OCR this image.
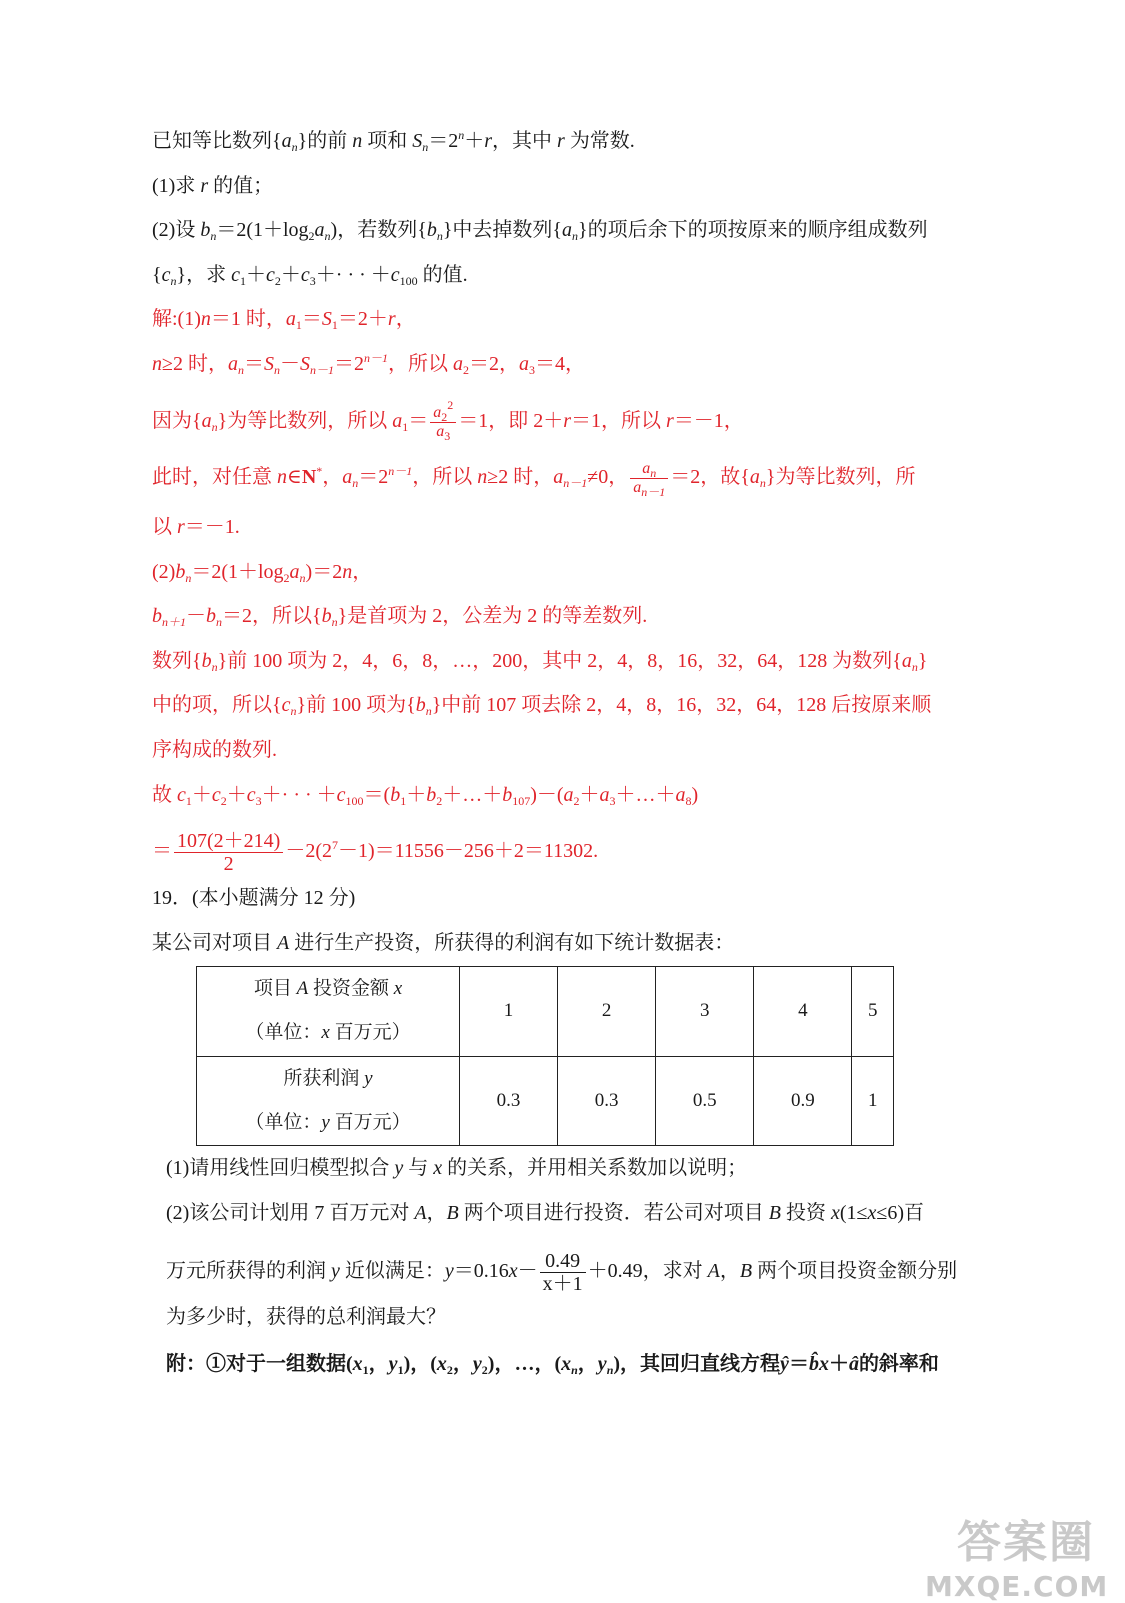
已知等比数列$\{a_n\}$的前 n 项和 $S_n=2^n+r$，其中 r 为常数.
(1)求 r 的值；
(2)设 $b_n=2(1+\log_2a_n)$，若数列$\{b_n\}$中去掉数列$\{a_n\}$的项后余下的项按原来的顺序组成数列
$\{c_n\}$，求 $c_1+c_2+c_3+\cdot$ · · $+c_{100}$ 的值.
解:(1)n＝1 时，$a_1=S_1=2+r$，
n≥2 时，$a_n=S_n-S_{n-1}=2^{n-1}$，所以 $a_2=2$，$a_3=4$，
因为$\{a_n\}$为等比数列，所以 $a_1= \frac{a_2^2}{a_3} =1$，即 2＋r＝1，所以 r＝－1，
此时，对任意 n∈N*，$a_n=2^{n-1}$，所以 n≥2 时，$a_{n-1}\ne 0$， $\frac{a_n}{a_{n-1}} =2$，故$\{a_n\}$为等比数列，所
以 r＝－1.
$(2)b_n=2(1+\log_2a_n)=2n$，
$b_{n+1}-b_n=2$，所以$\{b_n\}$是首项为 2，公差为 2 的等差数列.
数列$\{b_n\}$前 100 项为 2，4，6，8，…，200，其中 2，4，8，16，32，64，128 为数列$\{a_n\}$
中的项，所以$\{c_n\}$前 100 项为$\{b_n\}$中前 107 项去除 2，4，8，16，32，64，128 后按原来顺
序构成的数列.
故 $c_1+c_2+c_3+\cdot$ · · $+c_{100}=(b_1+b_2+\dots+b_{107})-(a_2+a_3+\dots+a_8)$
＝ $\frac{107(2+214)}{2} -2(2^7-1)=11556-256+2=11302$.
19．(本小题满分 12 分)
某公司对项目 A 进行生产投资，所获得的利润有如下统计数据表：
项目 A 投资金额 x
（单位：x 百万元）	1	2	3	4	5

所获利润 y
（单位：y 百万元）	0.3	0.3	0.5	0.9	1
(1)请用线性回归模型拟合 y 与 x 的关系，并用相关系数加以说明；
(2)该公司计划用 7 百万元对 A，B 两个项目进行投资．若公司对项目 B 投资 x(1≤x≤6)百
万元所获得的利润 y 近似满足：$y=0.16x- \frac{0.49}{x+1} +0.49$，求对 A，B 两个项目投资金额分别
为多少时，获得的总利润最大？
附：①对于一组数据($x_1$，$y_1$)，($x_2$，$y_2$)，…，($x_n$，$y_n$)，其回归直线方程ŷ＝b̂x＋â的斜率和
答案圈
MXQE.COM
